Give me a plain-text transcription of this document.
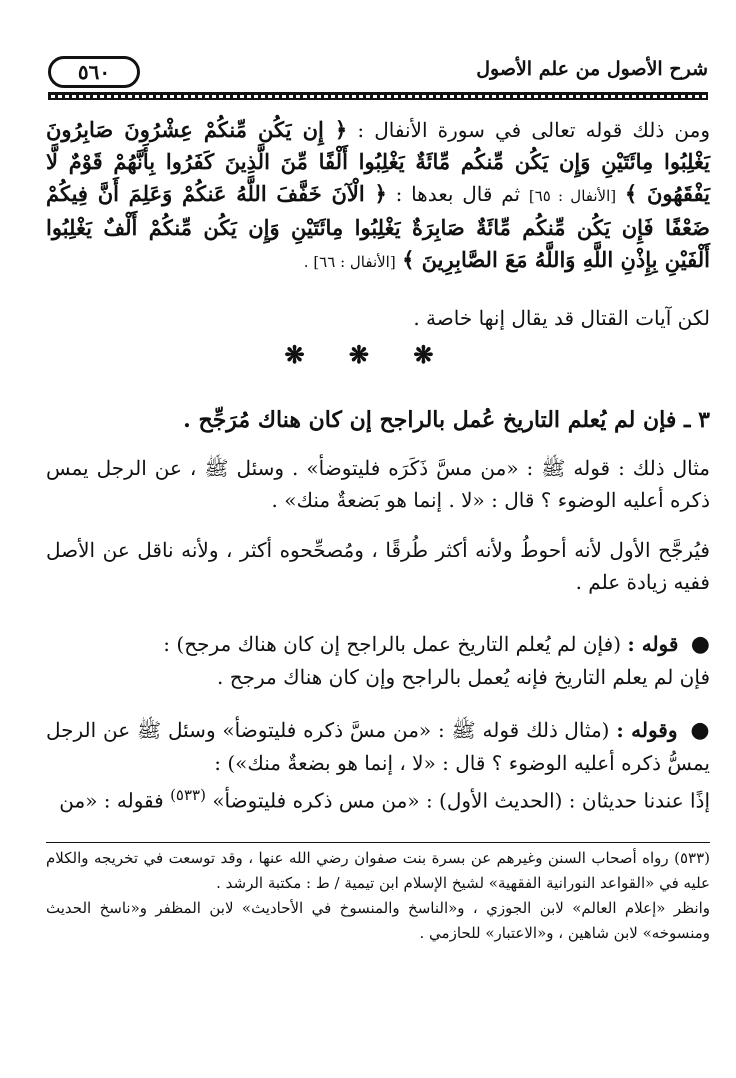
٥٦٠	شرح الأصول من علم الأصول
ومن ذلك قوله تعالى في سورة الأنفال : ﴿ إِن يَكُن مِّنكُمْ عِشْرُونَ صَابِرُونَ يَغْلِبُوا مِائَتَيْنِ وَإِن يَكُن مِّنكُم مِّائَةٌ يَغْلِبُوا أَلْفًا مِّنَ الَّذِينَ كَفَرُوا بِأَنَّهُمْ قَوْمٌ لَّا يَفْقَهُونَ ﴾ [الأنفال : ٦٥] ثم قال بعدها : ﴿ الْآنَ خَفَّفَ اللَّهُ عَنكُمْ وَعَلِمَ أَنَّ فِيكُمْ ضَعْفًا فَإِن يَكُن مِّنكُم مِّائَةٌ صَابِرَةٌ يَغْلِبُوا مِائَتَيْنِ وَإِن يَكُن مِّنكُمْ أَلْفٌ يَغْلِبُوا أَلْفَيْنِ بِإِذْنِ اللَّهِ وَاللَّهُ مَعَ الصَّابِرِينَ ﴾ [الأنفال : ٦٦] .
لكن آيات القتال قد يقال إنها خاصة .
❋ ❋ ❋
٣ ـ فإن لم يُعلم التاريخ عُمل بالراجح إن كان هناك مُرَجِّح .
مثال ذلك : قوله ﷺ : «من مسَّ ذَكَرَه فليتوضأ» . وسئل ﷺ ، عن الرجل يمس ذكره أعليه الوضوء ؟ قال : «لا . إنما هو بَضعةٌ منك» .
فيُرجَّح الأول لأنه أحوطُ ولأنه أكثر طُرقًا ، ومُصحِّحوه أكثر ، ولأنه ناقل عن الأصل ففيه زيادة علم .
● قوله : (فإن لم يُعلم التاريخ عمل بالراجح إن كان هناك مرجح) :
فإن لم يعلم التاريخ فإنه يُعمل بالراجح وإن كان هناك مرجح .
● وقوله : (مثال ذلك قوله ﷺ : «من مسَّ ذكره فليتوضأ» وسئل ﷺ عن الرجل يمسُّ ذكره أعليه الوضوء ؟ قال : «لا ، إنما هو بضعةٌ منك») :
إذًا عندنا حديثان : (الحديث الأول) : «من مس ذكره فليتوضأ» $^{(٥٣٣)}$ فقوله : «من

(٥٣٣) رواه أصحاب السنن وغيرهم عن بسرة بنت صفوان رضي الله عنها ، وقد توسعت في تخريجه والكلام عليه في «القواعد النورانية الفقهية» لشيخ الإسلام ابن تيمية / ط : مكتبة الرشد .

وانظر «إعلام العالم» لابن الجوزي ، و«الناسخ والمنسوخ في الأحاديث» لابن المظفر و«ناسخ الحديث ومنسوخه» لابن شاهين ، و«الاعتبار» للحازمي .
